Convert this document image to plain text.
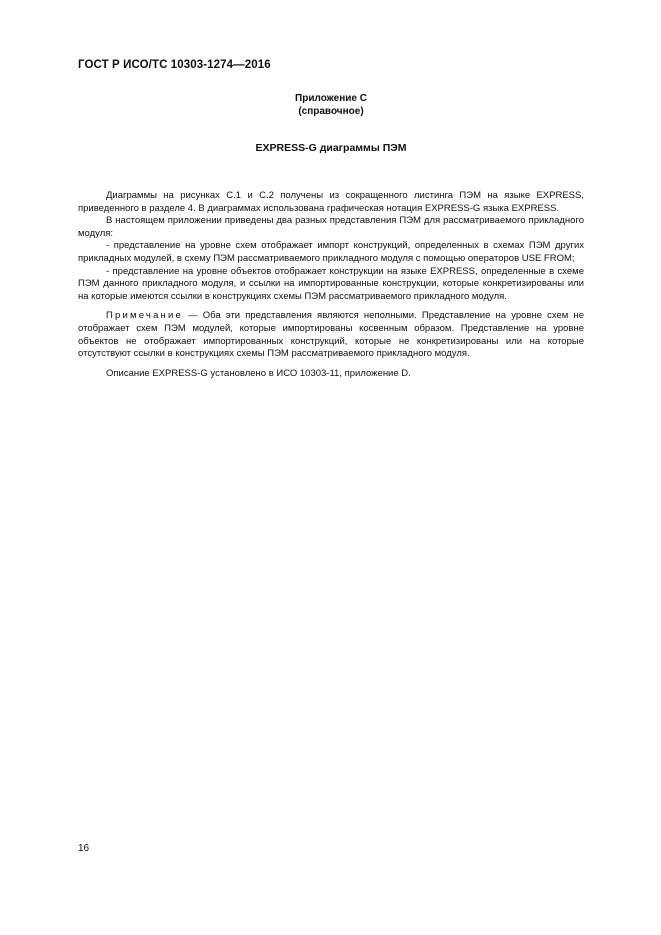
ГОСТ Р ИСО/ТС 10303-1274—2016
Приложение С
(справочное)
EXPRESS-G диаграммы ПЭМ

Диаграммы на рисунках С.1 и С.2 получены из сокращенного листинга ПЭМ на языке EXPRESS, приведенного в разделе 4. В диаграммах использована графическая нотация EXPRESS-G языка EXPRESS.

В настоящем приложении приведены два разных представления ПЭМ для рассматриваемого прикладного модуля:

- представление на уровне схем отображает импорт конструкций, определенных в схемах ПЭМ других прикладных модулей, в схему ПЭМ рассматриваемого прикладного модуля с помощью операторов USE FROM;

- представление на уровне объектов отображает конструкции на языке EXPRESS, определенные в схеме ПЭМ данного прикладного модуля, и ссылки на импортированные конструкции, которые конкретизированы или на которые имеются ссылки в конструкциях схемы ПЭМ рассматриваемого прикладного модуля.

Примечание — Оба эти представления являются неполными. Представление на уровне схем не отображает схем ПЭМ модулей, которые импортированы косвенным образом. Представление на уровне объектов не отображает импортированных конструкций, которые не конкретизированы или на которые отсутствуют ссылки в конструкциях схемы ПЭМ рассматриваемого прикладного модуля.

Описание EXPRESS-G установлено в ИСО 10303-11, приложение D.

16
